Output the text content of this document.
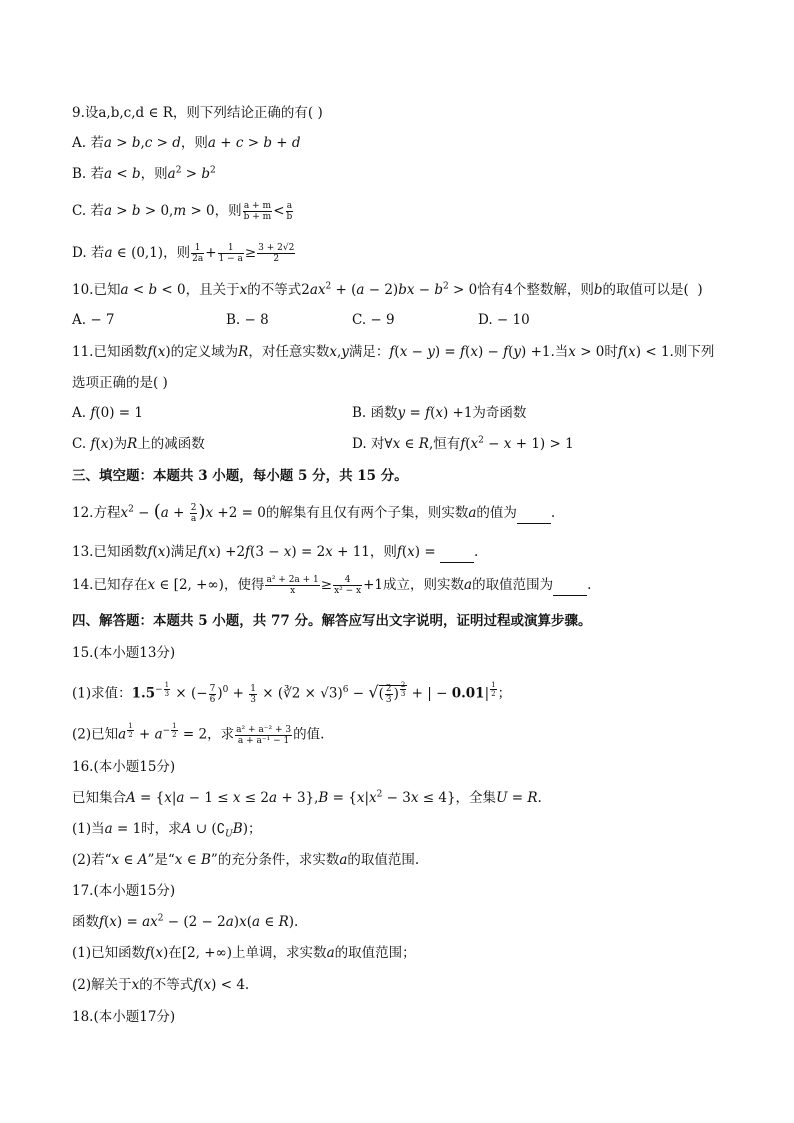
9.设a,b,c,d ∈ R，则下列结论正确的有( )
A. 若a > b,c > d，则a + c > b + d
B. 若a < b，则$a^2 > b^2$
C. 若a > b > 0,m > 0，则 $\frac{a + m}{b + m} < \frac{a}{b}$
D. 若a ∈ (0,1)，则 $\frac{1}{2a} + \frac{1}{1 - a} \ge \frac{3 + 2√2}{2}$
10.已知a < b < 0，且关于x的不等式$2ax^2 + (a - 2)bx - b^2 > 0$恰有4个整数解，则b的取值可以是(  )
A. − 7	B. − 8	C. − 9	D. − 10
11.已知函数f(x)的定义域为R，对任意实数x,y满足：f(x − y) = f(x) − f(y) +1.当x > 0时f(x) < 1.则下列
选项正确的是( )
A. f(0) = 1	B. 函数y = f(x) +1为奇函数
C. f(x)为R上的减函数	D. 对∀x ∈ R,恒有$f(x^2 - x + 1) > 1$
三、填空题：本题共 3 小题，每小题 5 分，共 15 分。
12.方程$x^2 - (a + \frac{2}{a} )x +2 = 0$的解集有且仅有两个子集，则实数a的值为	.
13.已知函数f(x)满足f(x) +2f(3 − x) = 2x + 11，则f(x) =	.
14.已知存在x ∈ [2, +∞)，使得 $\frac{\text{a² + 2a + 1}}{x} \ge \frac{4}{\text{x² − x}} +1$成立，则实数a的取值范围为	.
四、解答题：本题共 5 小题，共 77 分。解答应写出文字说明，证明过程或演算步骤。
15.(本小题13分)
(1)求值：$1.5^{- \frac{1}{3}}$ × (− $\frac{7}{6} )^0 + \frac{1}{3}$ × (∛2 × √3)$^6$ − √( $\frac{2}{3}$ ) $^{\frac{2}{3}}$ + | − 0.01| $^{\frac{1}{2}}$ ；
(2)已知a $^{\frac{1}{2}} + a^{- \frac{1}{2}} = 2$，求 $\frac{\text{a² + a⁻² + 3}}{\text{a + a⁻¹ − 1}}$ 的值.
16.(本小题15分)
已知集合$A = \{x|a - 1 \le x \le 2a + 3\},B = \{x|x^2 - 3x \le 4\}$，全集U = R.
(1)当a = 1时，求A ∪ $(∁_UB)$；
(2)若“x ∈ A”是“x ∈ B”的充分条件，求实数a的取值范围.
17.(本小题15分)
函数$f(x) = ax^2 - (2 - 2a)x(a$ ∈ R).
(1)已知函数f(x)在[2, +∞)上单调，求实数a的取值范围；
(2)解关于x的不等式f(x) < 4.
18.(本小题17分)
